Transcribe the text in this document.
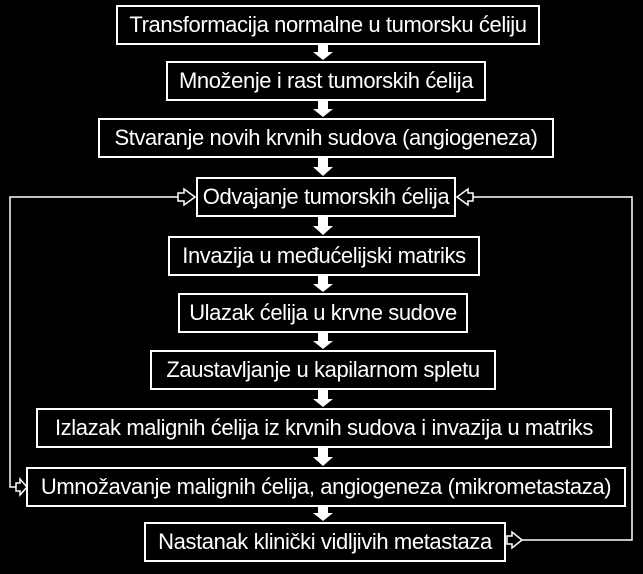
Transformacija normalne u tumorsku ćeliju
Množenje i rast tumorskih ćelija
Stvaranje novih krvnih sudova (angiogeneza)
Odvajanje tumorskih ćelija
Invazija u međućelijski matriks
Ulazak ćelija u krvne sudove
Zaustavljanje u kapilarnom spletu
Izlazak malignih ćelija iz krvnih sudova i invazija u matriks
Umnožavanje malignih ćelija, angiogeneza (mikrometastaza)
Nastanak klinički vidljivih metastaza
